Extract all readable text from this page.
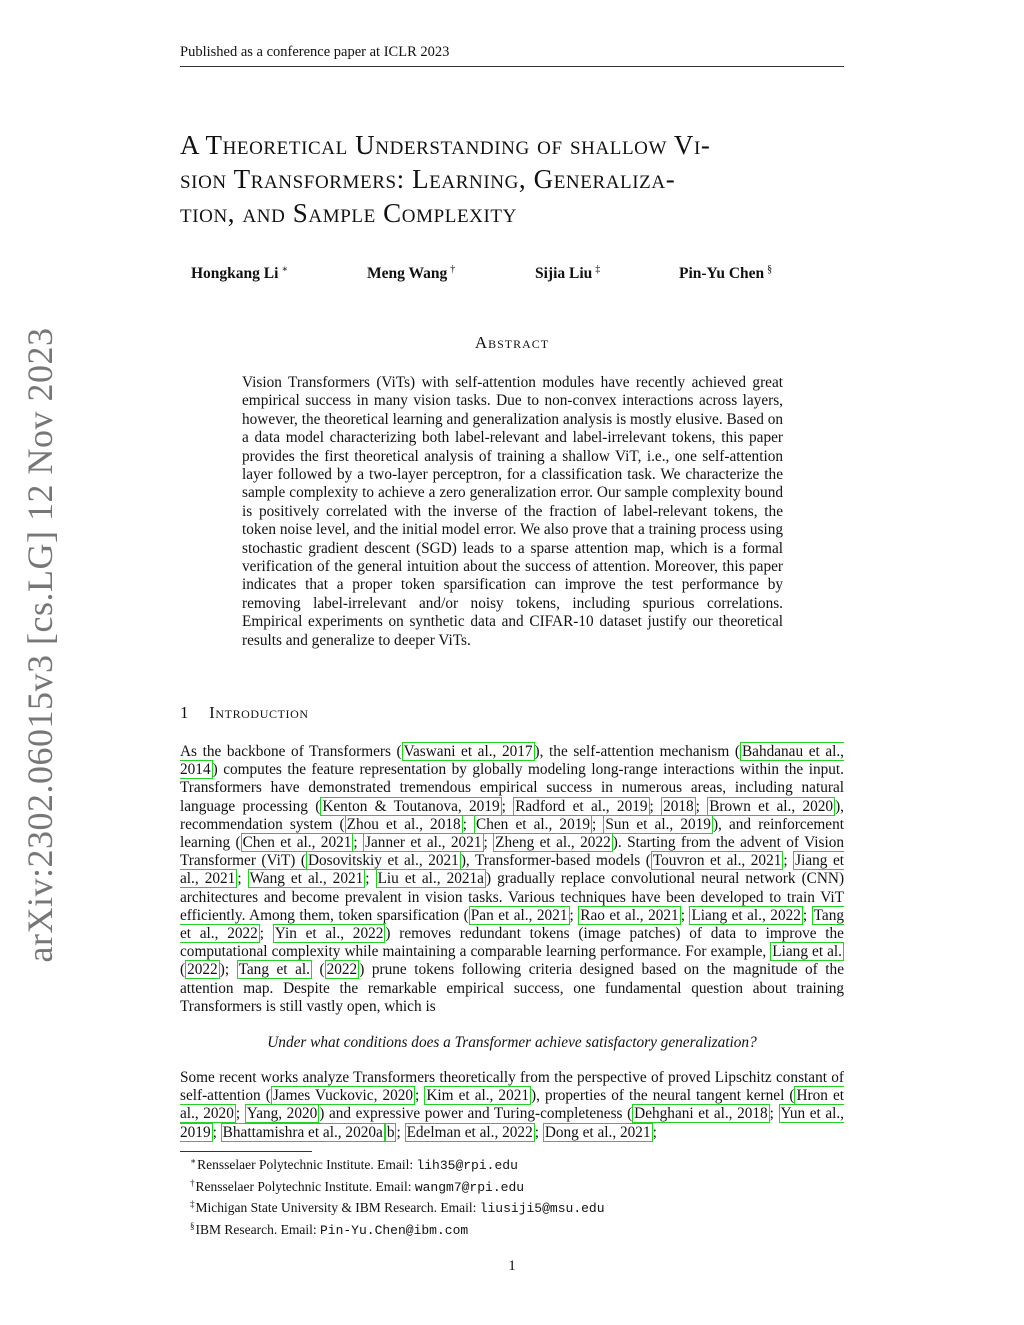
Published as a conference paper at ICLR 2023
arXiv:2302.06015v3 [cs.LG] 12 Nov 2023
A Theoretical Understanding of shallow Vi-
sion Transformers: Learning, Generaliza-
tion, and Sample Complexity
Hongkang Li ∗	Meng Wang †	Sijia Liu ‡	Pin-Yu Chen §
Abstract
Vision Transformers (ViTs) with self-attention modules have recently achieved great empirical success in many vision tasks. Due to non-convex interactions across layers, however, the theoretical learning and generalization analysis is mostly elusive. Based on a data model characterizing both label-relevant and label-irrelevant tokens, this paper provides the first theoretical analysis of training a shallow ViT, i.e., one self-attention layer followed by a two-layer perceptron, for a classification task. We characterize the sample complexity to achieve a zero generalization error. Our sample complexity bound is positively correlated with the inverse of the fraction of label-relevant tokens, the token noise level, and the initial model error. We also prove that a training process using stochastic gradient descent (SGD) leads to a sparse attention map, which is a formal verification of the general intuition about the success of attention. Moreover, this paper indicates that a proper token sparsification can improve the test performance by removing label-irrelevant and/or noisy tokens, including spurious correlations. Empirical experiments on synthetic data and CIFAR-10 dataset justify our theoretical results and generalize to deeper ViTs.
1 Introduction
As the backbone of Transformers ( Vaswani et al., 2017 ), the self-attention mechanism ( Bahdanau et al., 2014 ) computes the feature representation by globally modeling long-range interactions within the input. Transformers have demonstrated tremendous empirical success in numerous areas, including natural language processing ( Kenton & Toutanova, 2019 ; Radford et al., 2019 ; 2018 ; Brown et al., 2020 ), recommendation system ( Zhou et al., 2018 ; Chen et al., 2019 ; Sun et al., 2019 ), and reinforcement learning ( Chen et al., 2021 ; Janner et al., 2021 ; Zheng et al., 2022 ). Starting from the advent of Vision Transformer (ViT) ( Dosovitskiy et al., 2021 ), Transformer-based models ( Touvron et al., 2021 ; Jiang et al., 2021 ; Wang et al., 2021 ; Liu et al., 2021a ) gradually replace convolutional neural network (CNN) architectures and become prevalent in vision tasks. Various techniques have been developed to train ViT efficiently. Among them, token sparsification ( Pan et al., 2021 ; Rao et al., 2021 ; Liang et al., 2022 ; Tang et al., 2022 ; Yin et al., 2022 ) removes redundant tokens (image patches) of data to improve the computational complexity while maintaining a comparable learning performance. For example, Liang et al. ( 2022 ); Tang et al. ( 2022 ) prune tokens following criteria designed based on the magnitude of the attention map. Despite the remarkable empirical success, one fundamental question about training Transformers is still vastly open, which is
Under what conditions does a Transformer achieve satisfactory generalization?
Some recent works analyze Transformers theoretically from the perspective of proved Lipschitz constant of self-attention ( James Vuckovic, 2020 ; Kim et al., 2021 ), properties of the neural tangent kernel ( Hron et al., 2020 ; Yang, 2020 ) and expressive power and Turing-completeness ( Dehghani et al., 2018 ; Yun et al., 2019 ; Bhattamishra et al., 2020a b ; Edelman et al., 2022 ; Dong et al., 2021 ;
∗Rensselaer Polytechnic Institute. Email: lih35@rpi.edu
†Rensselaer Polytechnic Institute. Email: wangm7@rpi.edu
‡Michigan State University & IBM Research. Email: liusiji5@msu.edu
§IBM Research. Email: Pin-Yu.Chen@ibm.com
1
